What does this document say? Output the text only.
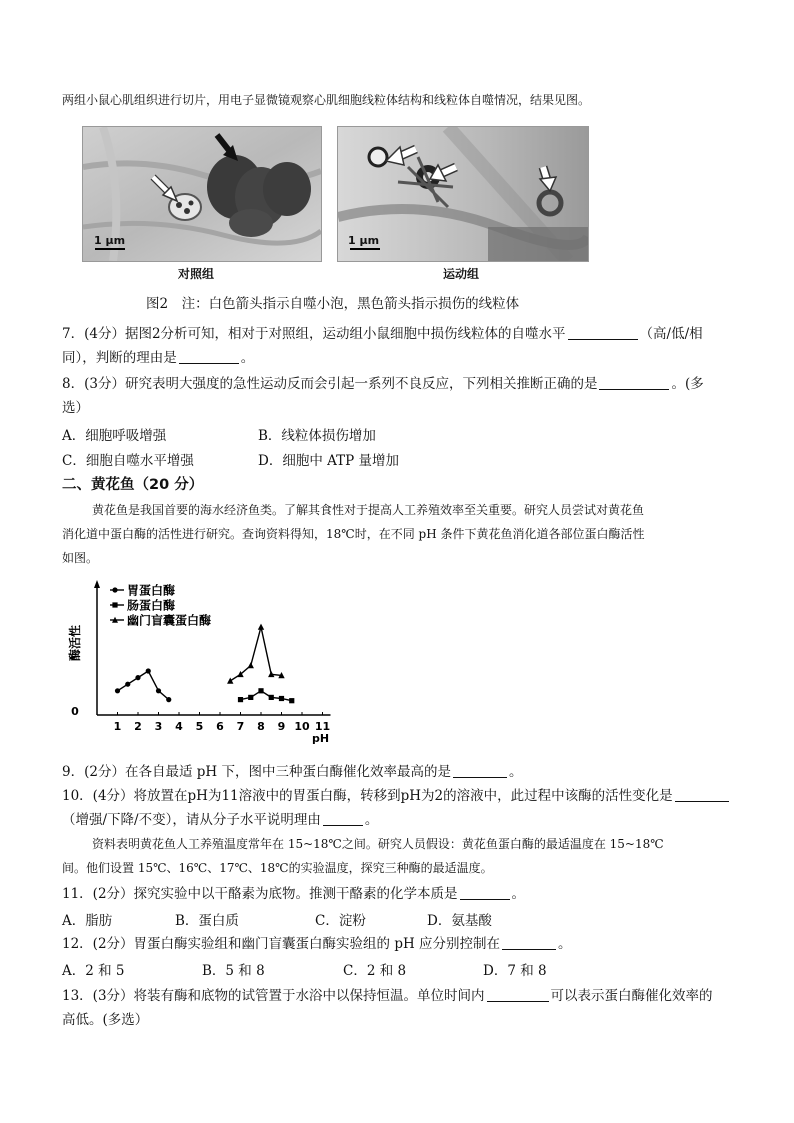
两组小鼠心肌组织进行切片，用电子显微镜观察心肌细胞线粒体结构和线粒体自噬情况，结果见图。
1 μm	1 μm
对照组	运动组
图2　注：白色箭头指示自噬小泡，黑色箭头指示损伤的线粒体
7．(4分）据图2分析可知，相对于对照组，运动组小鼠细胞中损伤线粒体的自噬水平	（高/低/相
同），判断的理由是	。
8．(3分）研究表明大强度的急性运动反而会引起一系列不良反应，下列相关推断正确的是	。(多
选）
A．细胞呼吸增强	B．线粒体损伤增加
C．细胞自噬水平增强	D．细胞中 ATP 量增加
二、黄花鱼（20 分）
黄花鱼是我国首要的海水经济鱼类。了解其食性对于提高人工养殖效率至关重要。研究人员尝试对黄花鱼
消化道中蛋白酶的活性进行研究。查询资料得知，18℃时，在不同 pH 条件下黄花鱼消化道各部位蛋白酶活性
如图。
0
1 2 3 4 5 6 7 8 9 10 11
pH
酶活性
胃蛋白酶
肠蛋白酶
幽门盲囊蛋白酶
9．(2分）在各自最适 pH 下，图中三种蛋白酶催化效率最高的是	。
10．(4分）将放置在pH为11溶液中的胃蛋白酶，转移到pH为2的溶液中，此过程中该酶的活性变化是
（增强/下降/不变），请从分子水平说明理由	。
资料表明黄花鱼人工养殖温度常年在 15~18℃之间。研究人员假设：黄花鱼蛋白酶的最适温度在 15~18℃
间。他们设置 15℃、16℃、17℃、18℃的实验温度，探究三种酶的最适温度。
11．(2分）探究实验中以干酪素为底物。推测干酪素的化学本质是	。
A．脂肪	B．蛋白质	C．淀粉	D．氨基酸
12．(2分）胃蛋白酶实验组和幽门盲囊蛋白酶实验组的 pH 应分别控制在	。
A．2 和 5	B．5 和 8	C．2 和 8	D．7 和 8
13．(3分）将装有酶和底物的试管置于水浴中以保持恒温。单位时间内	可以表示蛋白酶催化效率的
高低。(多选）
